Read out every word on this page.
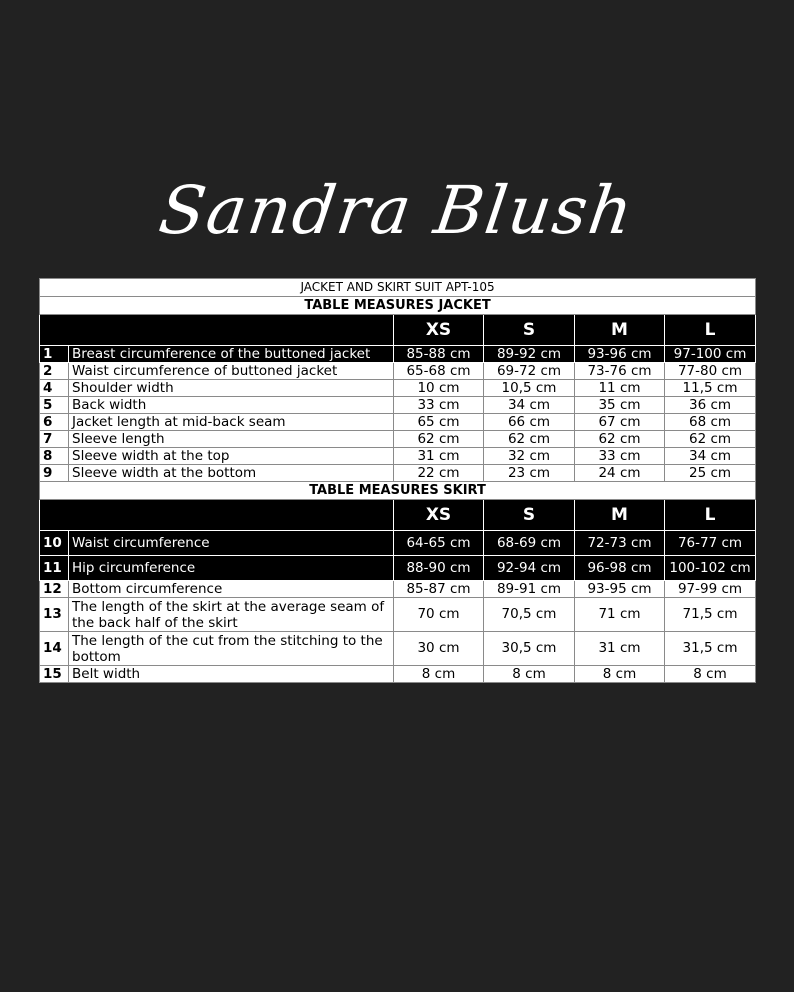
Sandra Blush
JACKET AND SKIRT SUIT APT-105					
TABLE MEASURES JACKET					
		XS	S	M	L
1	Breast circumference of the buttoned jacket	85-88 cm	89-92 cm	93-96 cm	97-100 cm
2	Waist circumference of buttoned jacket	65-68 cm	69-72 cm	73-76 cm	77-80 cm
4	Shoulder width	10 cm	10,5 cm	11 cm	11,5 cm
5	Back width	33 cm	34 cm	35 cm	36 cm
6	Jacket length at mid-back seam	65 cm	66 cm	67 cm	68 cm
7	Sleeve length	62 cm	62 cm	62 cm	62 cm
8	Sleeve width at the top	31 cm	32 cm	33 cm	34 cm
9	Sleeve width at the bottom	22 cm	23 cm	24 cm	25 cm
TABLE MEASURES SKIRT					
		XS	S	M	L
10	Waist circumference	64-65 cm	68-69 cm	72-73 cm	76-77 cm
11	Hip circumference	88-90 cm	92-94 cm	96-98 cm	100-102 cm
12	Bottom circumference	85-87 cm	89-91 cm	93-95 cm	97-99 cm
13	The length of the skirt at the average seam of the back half of the skirt	70 cm	70,5 cm	71 cm	71,5 cm
14	The length of the cut from the stitching to the bottom	30 cm	30,5 cm	31 cm	31,5 cm
15	Belt width	8 cm	8 cm	8 cm	8 cm
